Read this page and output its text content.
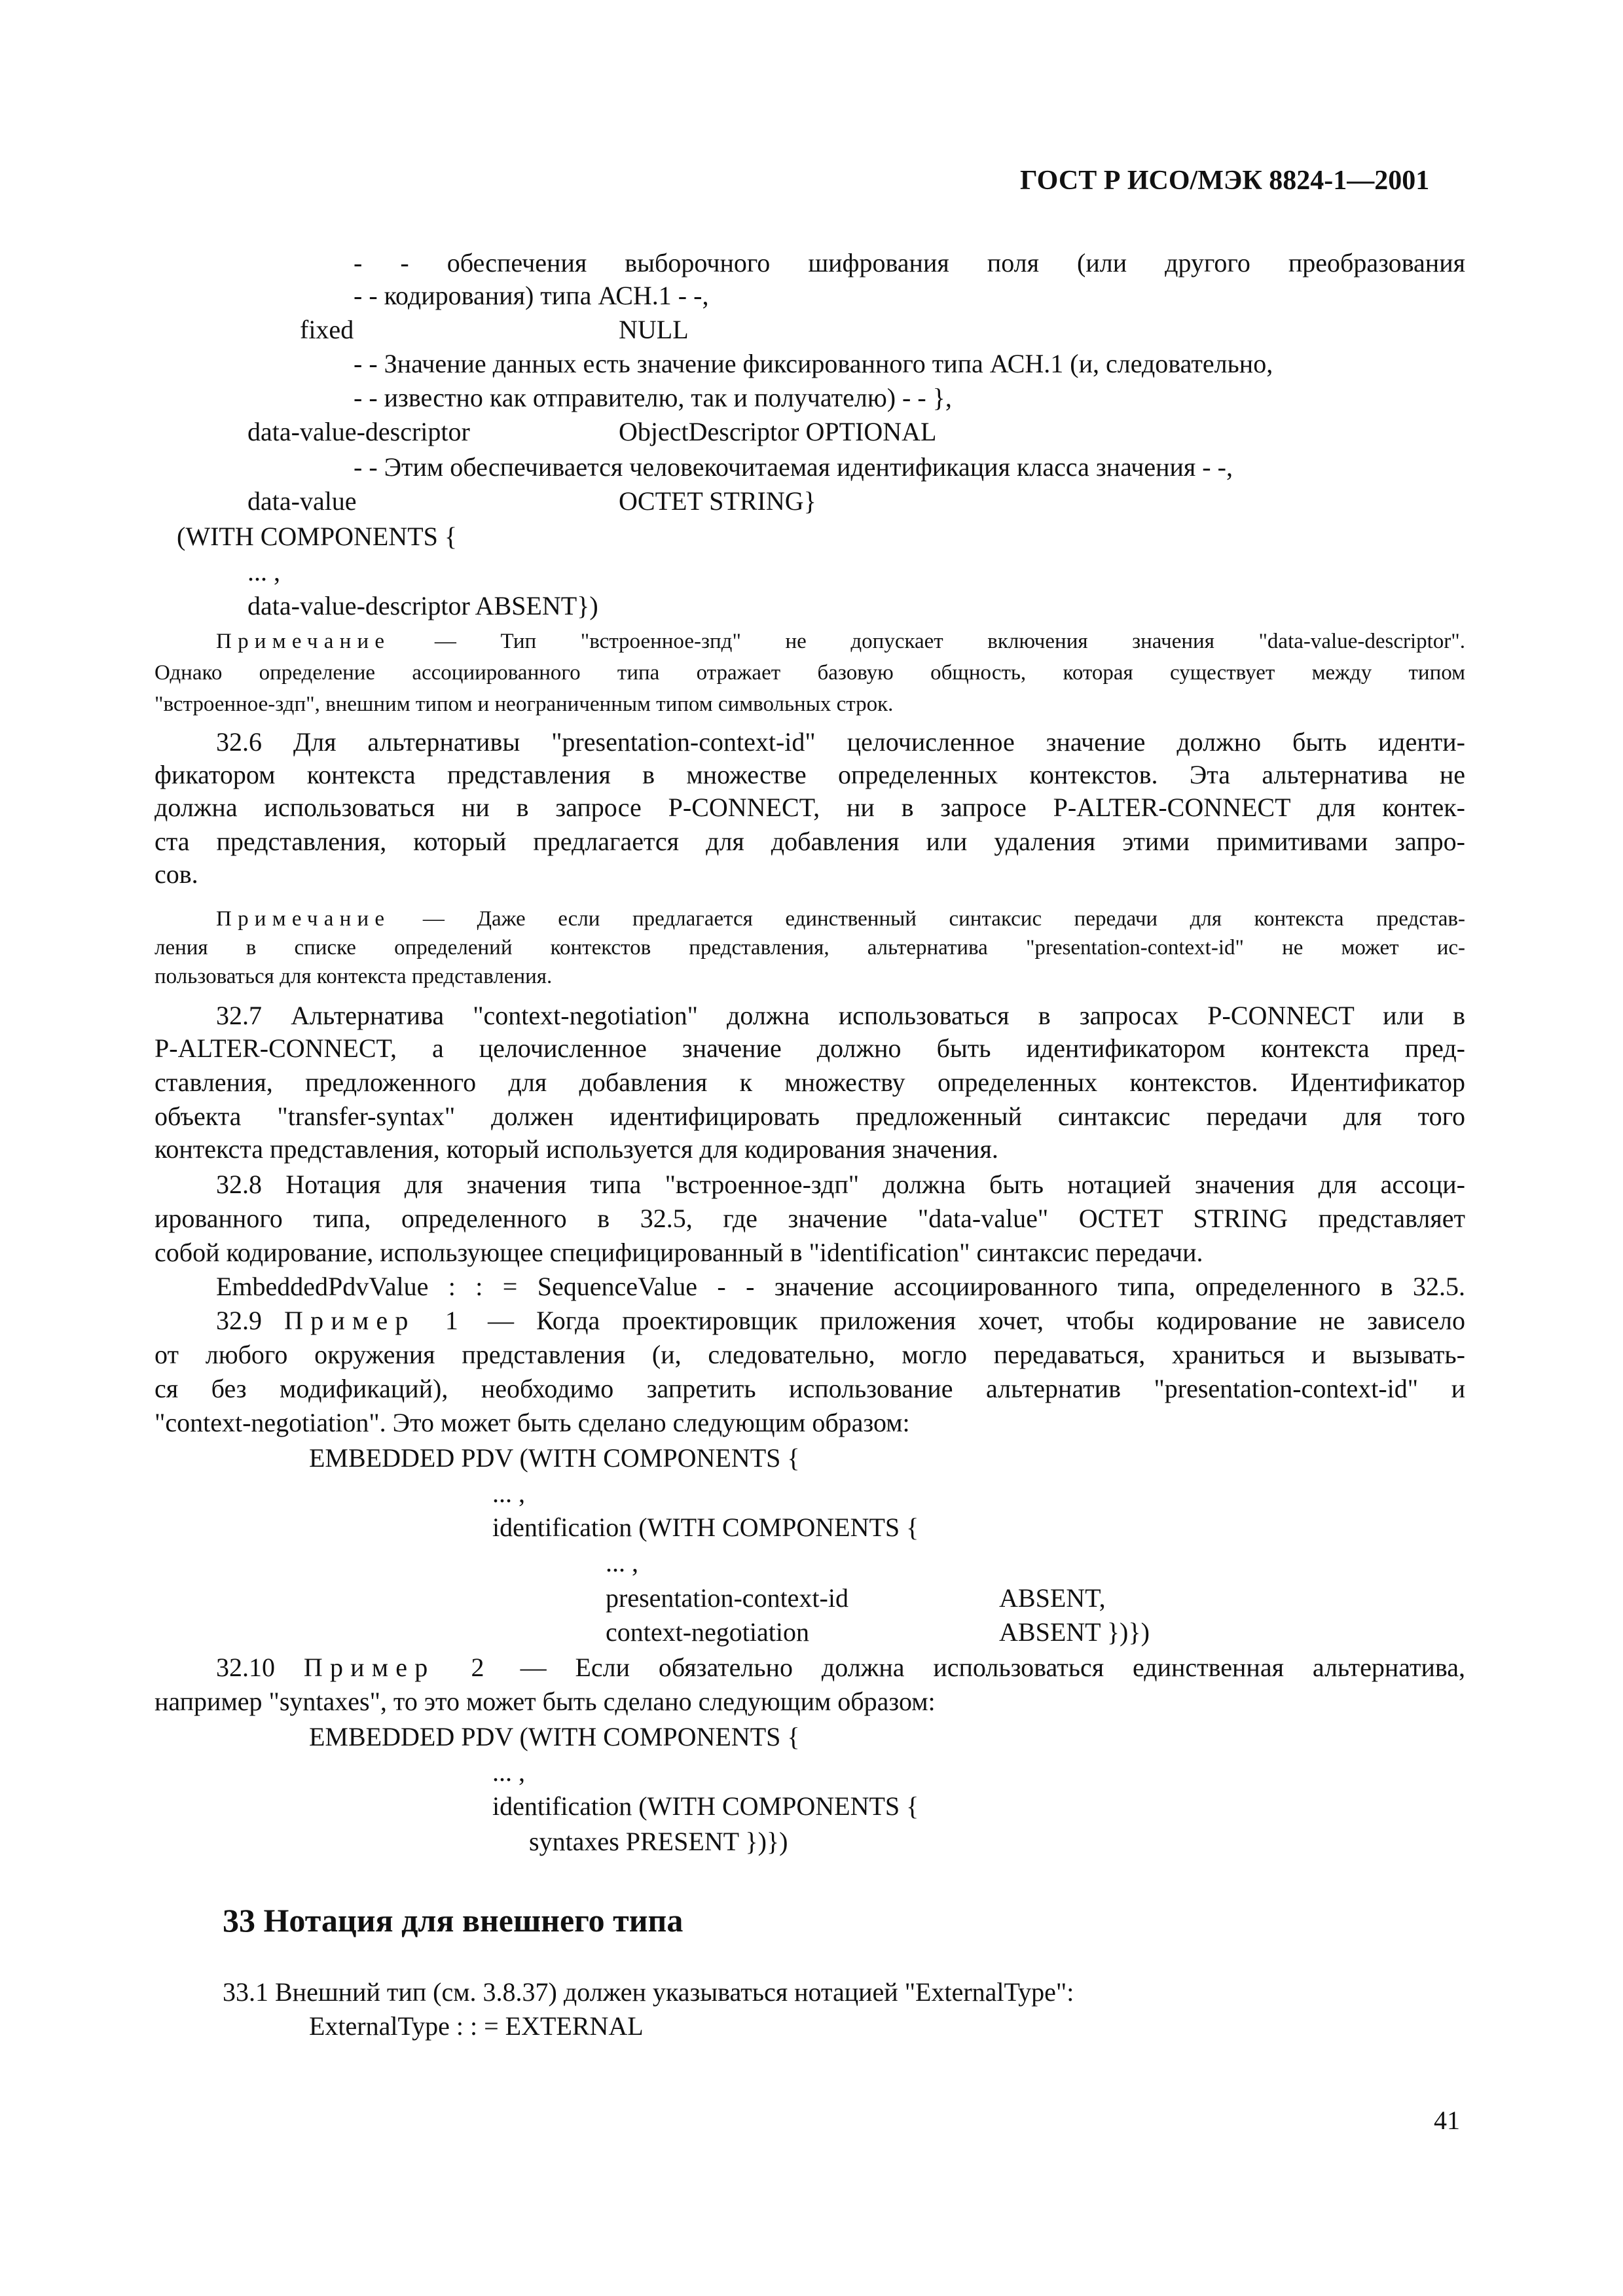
ГОСТ Р ИСО/МЭК 8824-1—2001
- - обеспечения выборочного шифрования поля (или другого преобразования
- - кодирования) типа АСН.1 - -,
fixed	NULL
- - Значение данных есть значение фиксированного типа АСН.1 (и, следовательно,
- - известно как отправителю, так и получателю) - - },
data-value-descriptor	ObjectDescriptor OPTIONAL
- - Этим обеспечивается человекочитаемая идентификация класса значения - -,
data-value	OCTET STRING}
(WITH COMPONENTS {
... ,
data-value-descriptor ABSENT})
Примечание — Тип "встроенное-зпд" не допускает включения значения "data-value-descriptor".
Однако определение ассоциированного типа отражает базовую общность, которая существует между типом
"встроенное-здп", внешним типом и неограниченным типом символьных строк.
32.6 Для альтернативы "presentation-context-id" целочисленное значение должно быть иденти-
фикатором контекста представления в множестве определенных контекстов. Эта альтернатива не
должна использоваться ни в запросе P-CONNECT, ни в запросе P-ALTER-CONNECT для контек-
ста представления, который предлагается для добавления или удаления этими примитивами запро-
сов.
Примечание — Даже если предлагается единственный синтаксис передачи для контекста представ-
ления в списке определений контекстов представления, альтернатива "presentation-context-id" не может ис-
пользоваться для контекста представления.
32.7 Альтернатива "context-negotiation" должна использоваться в запросах P-CONNECT или в
P-ALTER-CONNECT, а целочисленное значение должно быть идентификатором контекста пред-
ставления, предложенного для добавления к множеству определенных контекстов. Идентификатор
объекта "transfer-syntax" должен идентифицировать предложенный синтаксис передачи для того
контекста представления, который используется для кодирования значения.
32.8 Нотация для значения типа "встроенное-здп" должна быть нотацией значения для ассоци-
ированного типа, определенного в 32.5, где значение "data-value" OCTET STRING представляет
собой кодирование, использующее специфицированный в "identification" синтаксис передачи.
EmbeddedPdvValue : : = SequenceValue - - значение ассоциированного типа, определенного в 32.5.
32.9 Пример 1 — Когда проектировщик приложения хочет, чтобы кодирование не зависело
от любого окружения представления (и, следовательно, могло передаваться, храниться и вызывать-
ся без модификаций), необходимо запретить использование альтернатив "presentation-context-id" и
"context-negotiation". Это может быть сделано следующим образом:
EMBEDDED PDV (WITH COMPONENTS {
... ,
identification (WITH COMPONENTS {
... ,
presentation-context-id	ABSENT,
context-negotiation	ABSENT })})
32.10 Пример 2 — Если обязательно должна использоваться единственная альтернатива,
например "syntaxes", то это может быть сделано следующим образом:
EMBEDDED PDV (WITH COMPONENTS {
... ,
identification (WITH COMPONENTS {
syntaxes PRESENT })})
33 Нотация для внешнего типа
33.1 Внешний тип (см. 3.8.37) должен указываться нотацией "ExternalType":
ExternalType : : = EXTERNAL
41
